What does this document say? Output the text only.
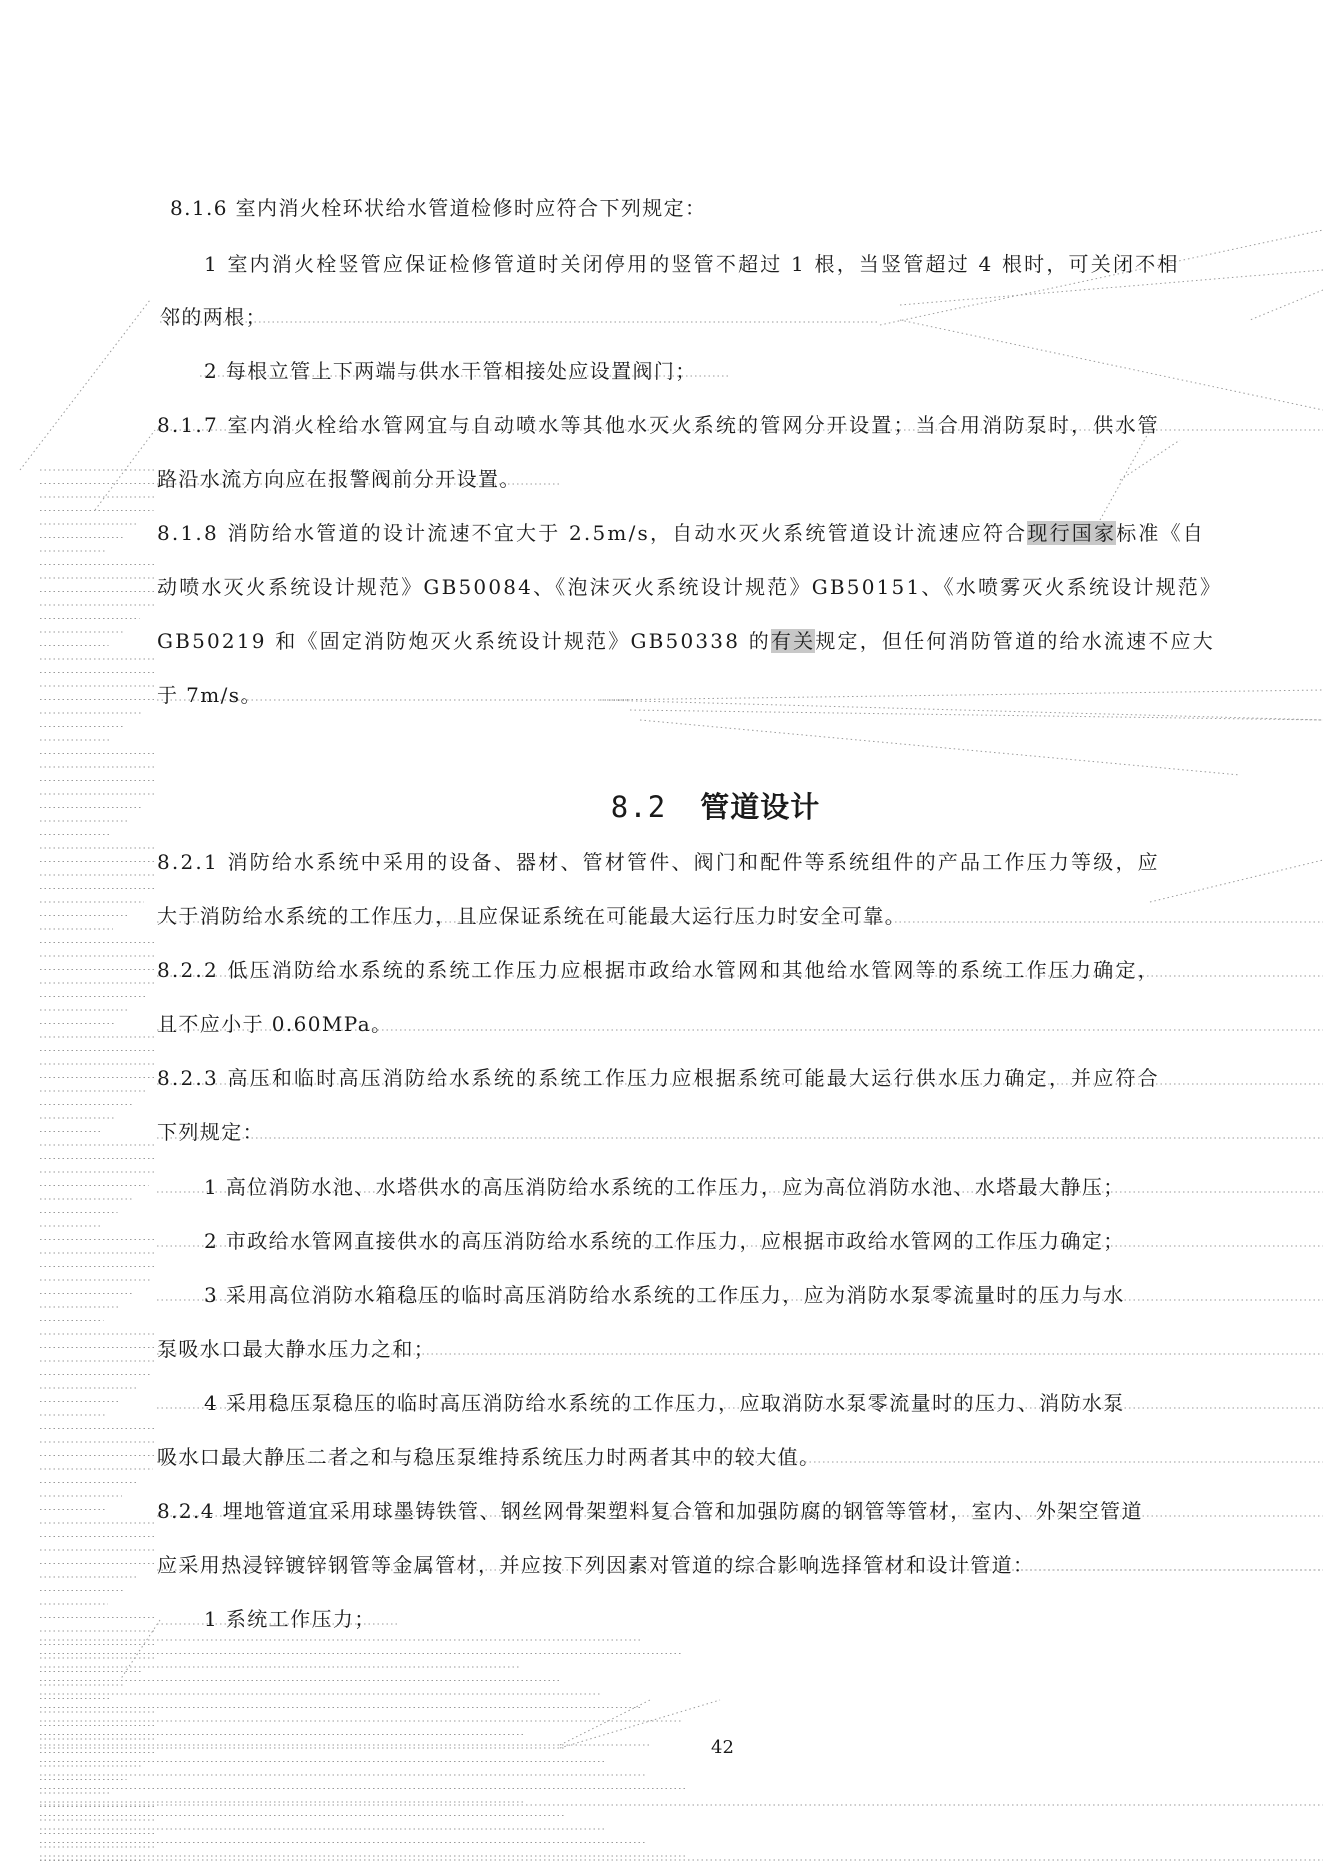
8.1.6 室内消火栓环状给水管道检修时应符合下列规定：
1 室内消火栓竖管应保证检修管道时关闭停用的竖管不超过 1 根，当竖管超过 4 根时，可关闭不相
邻的两根；
2 每根立管上下两端与供水干管相接处应设置阀门；
8.1.7 室内消火栓给水管网宜与自动喷水等其他水灭火系统的管网分开设置；当合用消防泵时，供水管
路沿水流方向应在报警阀前分开设置。
8.1.8 消防给水管道的设计流速不宜大于 2.5m/s，自动水灭火系统管道设计流速应符合现行国家标准《自
动喷水灭火系统设计规范》GB50084、《泡沫灭火系统设计规范》GB50151、《水喷雾灭火系统设计规范》
GB50219 和《固定消防炮灭火系统设计规范》GB50338 的有关规定，但任何消防管道的给水流速不应大
于 7m/s。
8.2 管道设计
8.2.1 消防给水系统中采用的设备、器材、管材管件、阀门和配件等系统组件的产品工作压力等级，应
大于消防给水系统的工作压力，且应保证系统在可能最大运行压力时安全可靠。
8.2.2 低压消防给水系统的系统工作压力应根据市政给水管网和其他给水管网等的系统工作压力确定，
且不应小于 0.60MPa。
8.2.3 高压和临时高压消防给水系统的系统工作压力应根据系统可能最大运行供水压力确定，并应符合
下列规定：
1 高位消防水池、水塔供水的高压消防给水系统的工作压力，应为高位消防水池、水塔最大静压；
2 市政给水管网直接供水的高压消防给水系统的工作压力，应根据市政给水管网的工作压力确定；
3 采用高位消防水箱稳压的临时高压消防给水系统的工作压力，应为消防水泵零流量时的压力与水
泵吸水口最大静水压力之和；
4 采用稳压泵稳压的临时高压消防给水系统的工作压力，应取消防水泵零流量时的压力、消防水泵
吸水口最大静压二者之和与稳压泵维持系统压力时两者其中的较大值。
8.2.4 埋地管道宜采用球墨铸铁管、钢丝网骨架塑料复合管和加强防腐的钢管等管材，室内、外架空管道
应采用热浸锌镀锌钢管等金属管材，并应按下列因素对管道的综合影响选择管材和设计管道：
1 系统工作压力；
42
